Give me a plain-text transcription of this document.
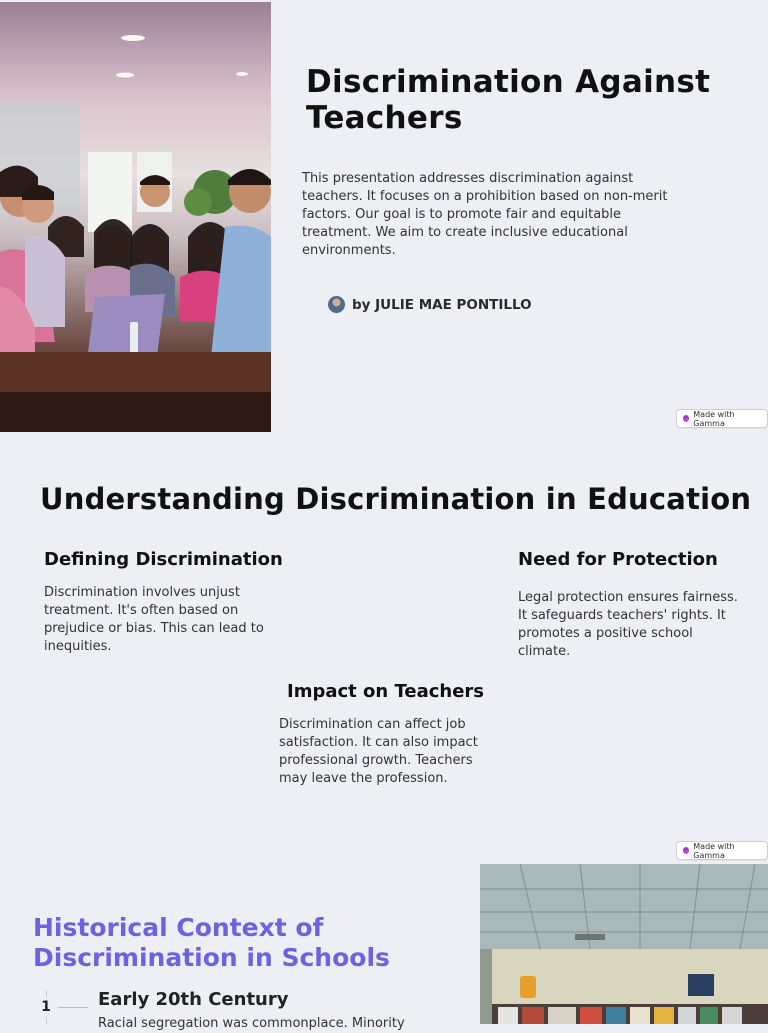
Discrimination Against Teachers
This presentation addresses discrimination against teachers. It focuses on a prohibition based on non-merit factors. Our goal is to promote fair and equitable treatment. We aim to create inclusive educational environments.
by JULIE MAE PONTILLO
Made with Gamma
Understanding Discrimination in Education
Defining Discrimination
Discrimination involves unjust treatment. It's often based on prejudice or bias. This can lead to inequities.
Need for Protection
Legal protection ensures fairness. It safeguards teachers' rights. It promotes a positive school climate.
Impact on Teachers
Discrimination can affect job satisfaction. It can also impact professional growth. Teachers may leave the profession.
Made with Gamma
Historical Context of Discrimination in Schools
1	Early 20th Century
Racial segregation was commonplace. Minority
